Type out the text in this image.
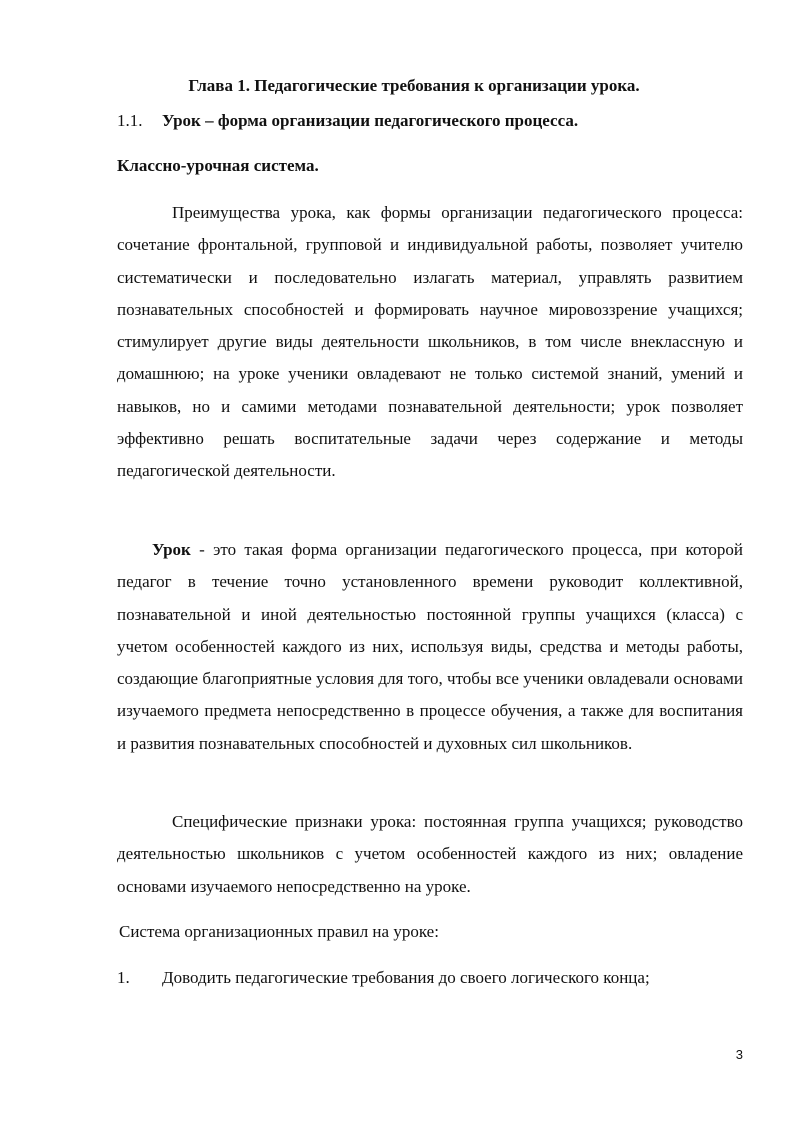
Глава 1. Педагогические требования к организации урока.
1.1. Урок – форма организации педагогического процесса.
Классно-урочная система.
Преимущества урока, как формы организации педагогического процесса: сочетание фронтальной, групповой и индивидуальной работы, позволяет учителю систематически и последовательно излагать материал, управлять развитием познавательных способностей и формировать научное мировоззрение учащихся; стимулирует другие виды деятельности школьников, в том числе внеклассную и домашнюю; на уроке ученики овладевают не только системой знаний, умений и навыков, но и самими методами познавательной деятельности; урок позволяет эффективно решать воспитательные задачи через содержание и методы педагогической деятельности.
Урок - это такая форма организации педагогического процесса, при которой педагог в течение точно установленного времени руководит коллективной, познавательной и иной деятельностью постоянной группы учащихся (класса) с учетом особенностей каждого из них, используя виды, средства и методы работы, создающие благоприятные условия для того, чтобы все ученики овладевали основами изучаемого предмета непосредственно в процессе обучения, а также для воспитания и развития познавательных способностей и духовных сил школьников.
Специфические признаки урока: постоянная группа учащихся; руководство деятельностью школьников с учетом особенностей каждого из них; овладение основами изучаемого непосредственно на уроке.
Система организационных правил на уроке:
1. Доводить педагогические требования до своего логического конца;
3
